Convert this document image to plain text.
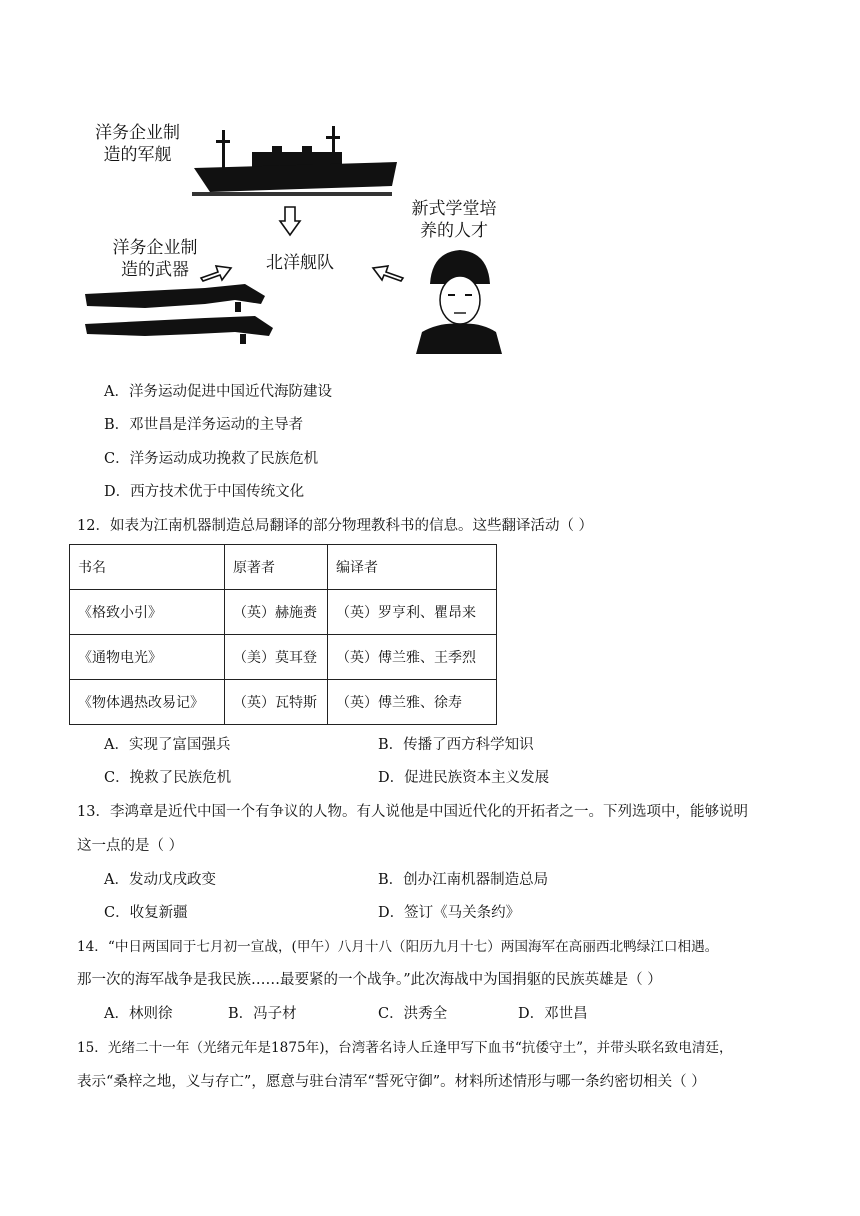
洋务企业制
造的军舰
北洋舰队
洋务企业制
造的武器
新式学堂培
养的人才
A．洋务运动促进中国近代海防建设
B．邓世昌是洋务运动的主导者
C．洋务运动成功挽救了民族危机
D．西方技术优于中国传统文化
12．如表为江南机器制造总局翻译的部分物理教科书的信息。这些翻译活动（ ）
书名	原著者	编译者
《格致小引》	（英）赫施赉	（英）罗亨利、瞿昂来
《通物电光》	（美）莫耳登	（英）傅兰雅、王季烈
《物体遇热改易记》	（英）瓦特斯	（英）傅兰雅、徐寿
A．实现了富国强兵	B．传播了西方科学知识
C．挽救了民族危机	D．促进民族资本主义发展
13．李鸿章是近代中国一个有争议的人物。有人说他是中国近代化的开拓者之一。下列选项中，能够说明
这一点的是（ ）
A．发动戊戌政变	B．创办江南机器制造总局
C．收复新疆	D．签订《马关条约》
14．“中日两国同于七月初一宣战，(甲午）八月十八（阳历九月十七）两国海军在高丽西北鸭绿江口相遇。
那一次的海军战争是我民族……最要紧的一个战争。”此次海战中为国捐躯的民族英雄是（ ）
A．林则徐	B．冯子材	C．洪秀全	D．邓世昌
15．光绪二十一年（光绪元年是1875年)，台湾著名诗人丘逢甲写下血书“抗倭守土”，并带头联名致电清廷，
表示“桑梓之地，义与存亡”，愿意与驻台清军“誓死守御”。材料所述情形与哪一条约密切相关（ ）
